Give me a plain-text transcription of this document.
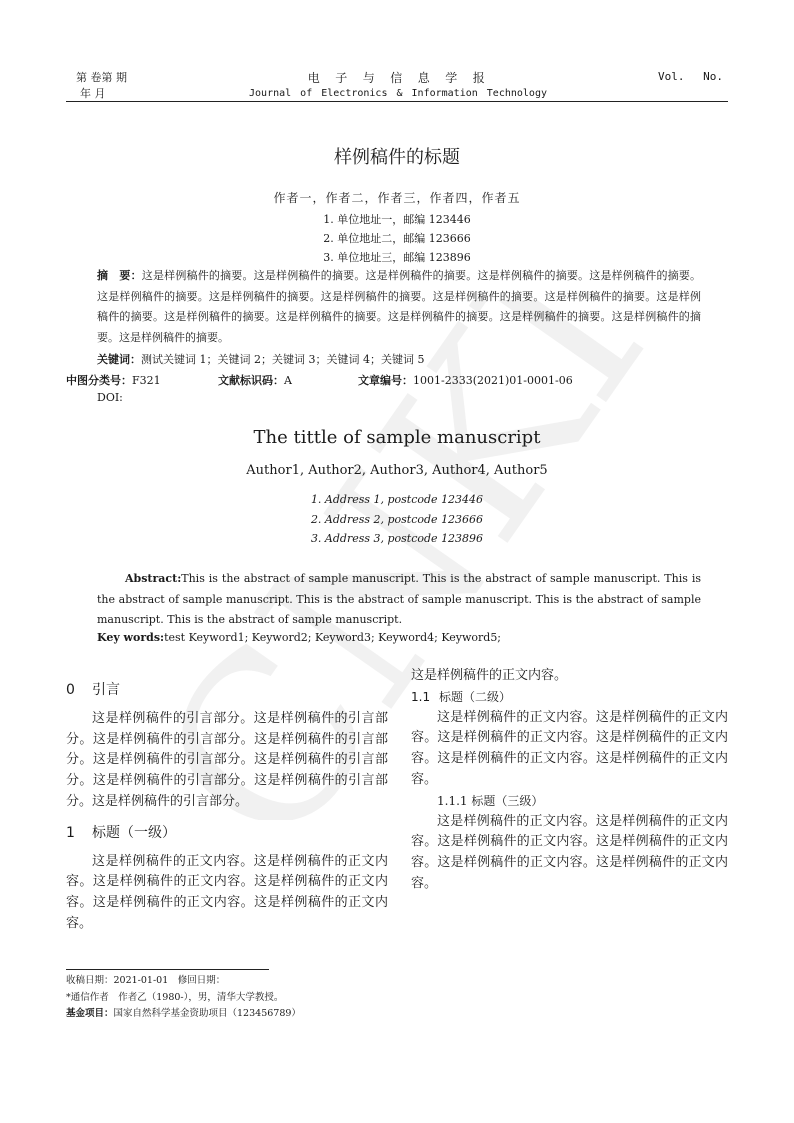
CNKI
第 卷第 期
年 月
电子与信息学报
Journal of Electronics & Information Technology
Vol. No.
样例稿件的标题
作者一，作者二，作者三，作者四，作者五
1. 单位地址一，邮编 123446
2. 单位地址二，邮编 123666
3. 单位地址三，邮编 123896
摘　要：这是样例稿件的摘要。这是样例稿件的摘要。这是样例稿件的摘要。这是样例稿件的摘要。这是样例稿件的摘要。这是样例稿件的摘要。这是样例稿件的摘要。这是样例稿件的摘要。这是样例稿件的摘要。这是样例稿件的摘要。这是样例稿件的摘要。这是样例稿件的摘要。这是样例稿件的摘要。这是样例稿件的摘要。这是样例稿件的摘要。这是样例稿件的摘要。这是样例稿件的摘要。
关键词：测试关键词 1；关键词 2；关键词 3；关键词 4；关键词 5
中图分类号：F321	文献标识码：A	文章编号：1001-2333(2021)01-0001-06
DOI:
The tittle of sample manuscript
Author1, Author2, Author3, Author4, Author5
1. Address 1, postcode 123446
2. Address 2, postcode 123666
3. Address 3, postcode 123896
Abstract:This is the abstract of sample manuscript. This is the abstract of sample manuscript. This is the abstract of sample manuscript. This is the abstract of sample manuscript. This is the abstract of sample manuscript. This is the abstract of sample manuscript.
Key words:test Keyword1; Keyword2; Keyword3; Keyword4; Keyword5;
0 引言

这是样例稿件的引言部分。这是样例稿件的引言部分。这是样例稿件的引言部分。这是样例稿件的引言部分。这是样例稿件的引言部分。这是样例稿件的引言部分。这是样例稿件的引言部分。这是样例稿件的引言部分。这是样例稿件的引言部分。

1 标题（一级）

这是样例稿件的正文内容。这是样例稿件的正文内容。这是样例稿件的正文内容。这是样例稿件的正文内容。这是样例稿件的正文内容。这是样例稿件的正文内容。

这是样例稿件的正文内容。

1.1 标题（二级）

这是样例稿件的正文内容。这是样例稿件的正文内容。这是样例稿件的正文内容。这是样例稿件的正文内容。这是样例稿件的正文内容。这是样例稿件的正文内容。

1.1.1 标题（三级）

这是样例稿件的正文内容。这是样例稿件的正文内容。这是样例稿件的正文内容。这是样例稿件的正文内容。这是样例稿件的正文内容。这是样例稿件的正文内容。

收稿日期：2021-01-01　修回日期：
*通信作者　作者乙（1980-），男，清华大学教授。
基金项目：国家自然科学基金资助项目（123456789）
